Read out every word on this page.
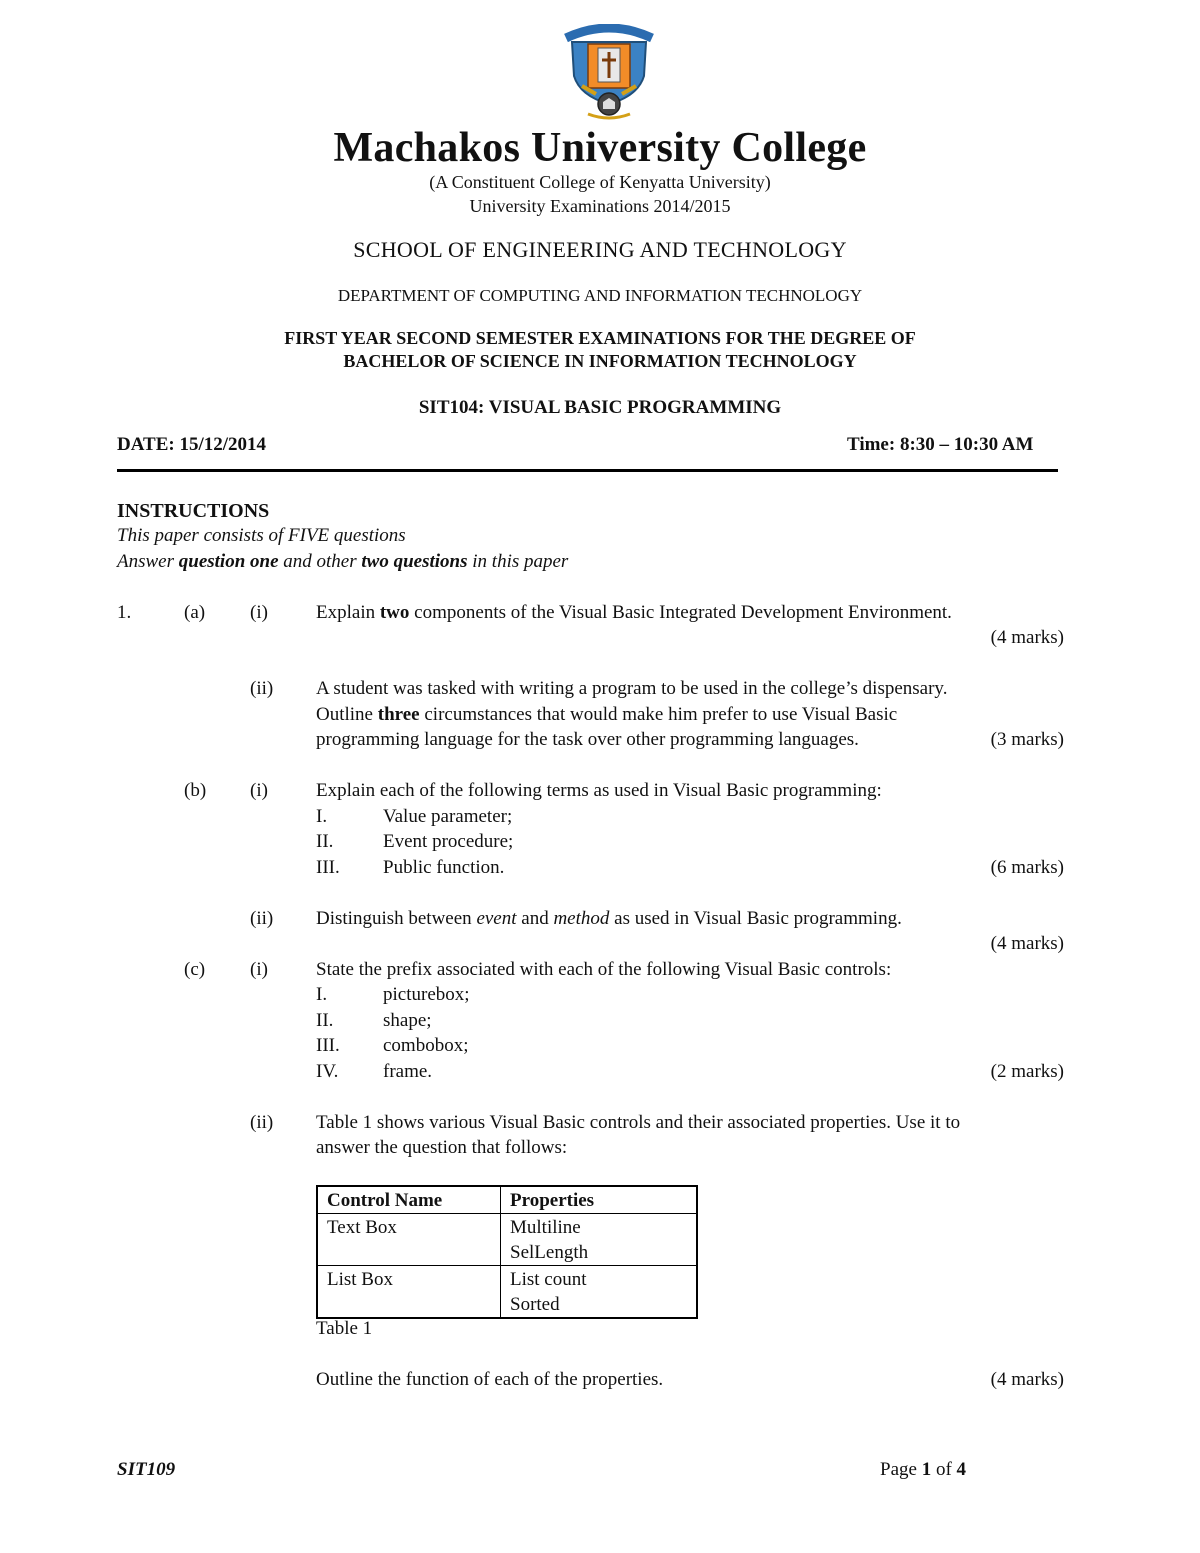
Machakos University College
(A Constituent College of Kenyatta University)
University Examinations 2014/2015
SCHOOL OF ENGINEERING AND TECHNOLOGY
DEPARTMENT OF COMPUTING AND INFORMATION TECHNOLOGY
FIRST YEAR SECOND SEMESTER EXAMINATIONS FOR THE DEGREE OF
BACHELOR OF SCIENCE IN INFORMATION TECHNOLOGY
SIT104: VISUAL BASIC PROGRAMMING
DATE: 15/12/2014	Time: 8:30 – 10:30 AM
INSTRUCTIONS
This paper consists of FIVE questions
Answer question one and other two questions in this paper
1.	(a) (i)	Explain two components of the Visual Basic Integrated Development Environment.
(4 marks)
(ii) A student was tasked with writing a program to be used in the college’s dispensary.
Outline three circumstances that would make him prefer to use Visual Basic
programming language for the task over other programming languages.	(3 marks)
(b) (i)	Explain each of the following terms as used in Visual Basic programming:
I.	Value parameter;
II.	Event procedure;
III. Public function.	(6 marks)
(ii) Distinguish between event and method as used in Visual Basic programming.
(4 marks)
(c) (i)	State the prefix associated with each of the following Visual Basic controls:
I.	picturebox;
II.	shape;
III. combobox;
IV. frame.	(2 marks)
(ii) Table 1 shows various Visual Basic controls and their associated properties. Use it to
answer the question that follows:
Control Name	Properties
Text Box	Multiline
SelLength

List Box	List count
Sorted
Table 1
Outline the function of each of the properties.	(4 marks)
SIT109	Page 1 of 4
